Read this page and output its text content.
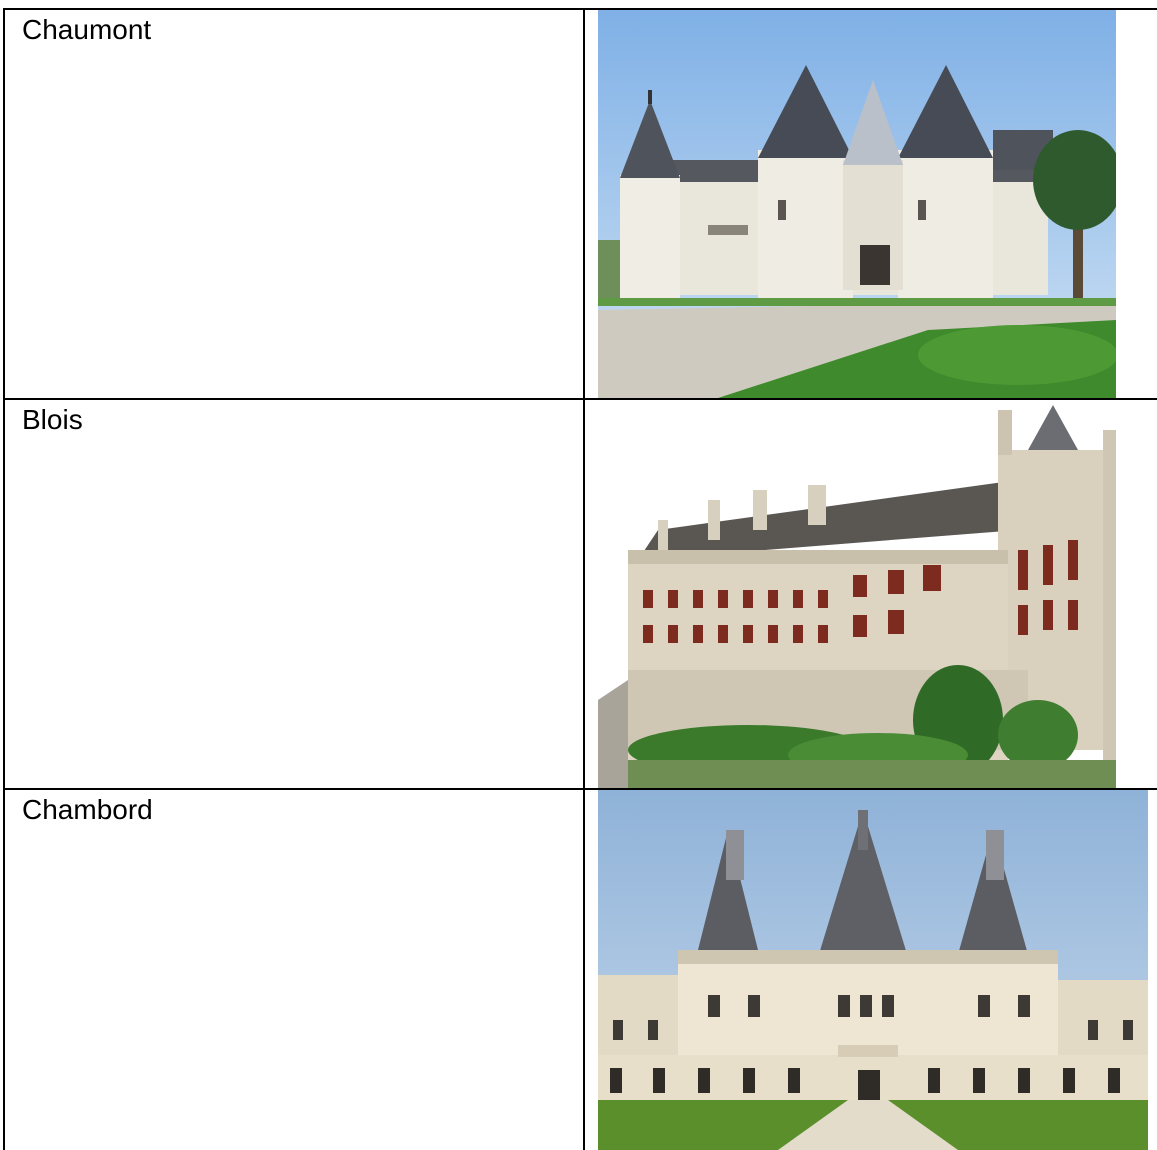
Chaumont
Blois
Chambord
